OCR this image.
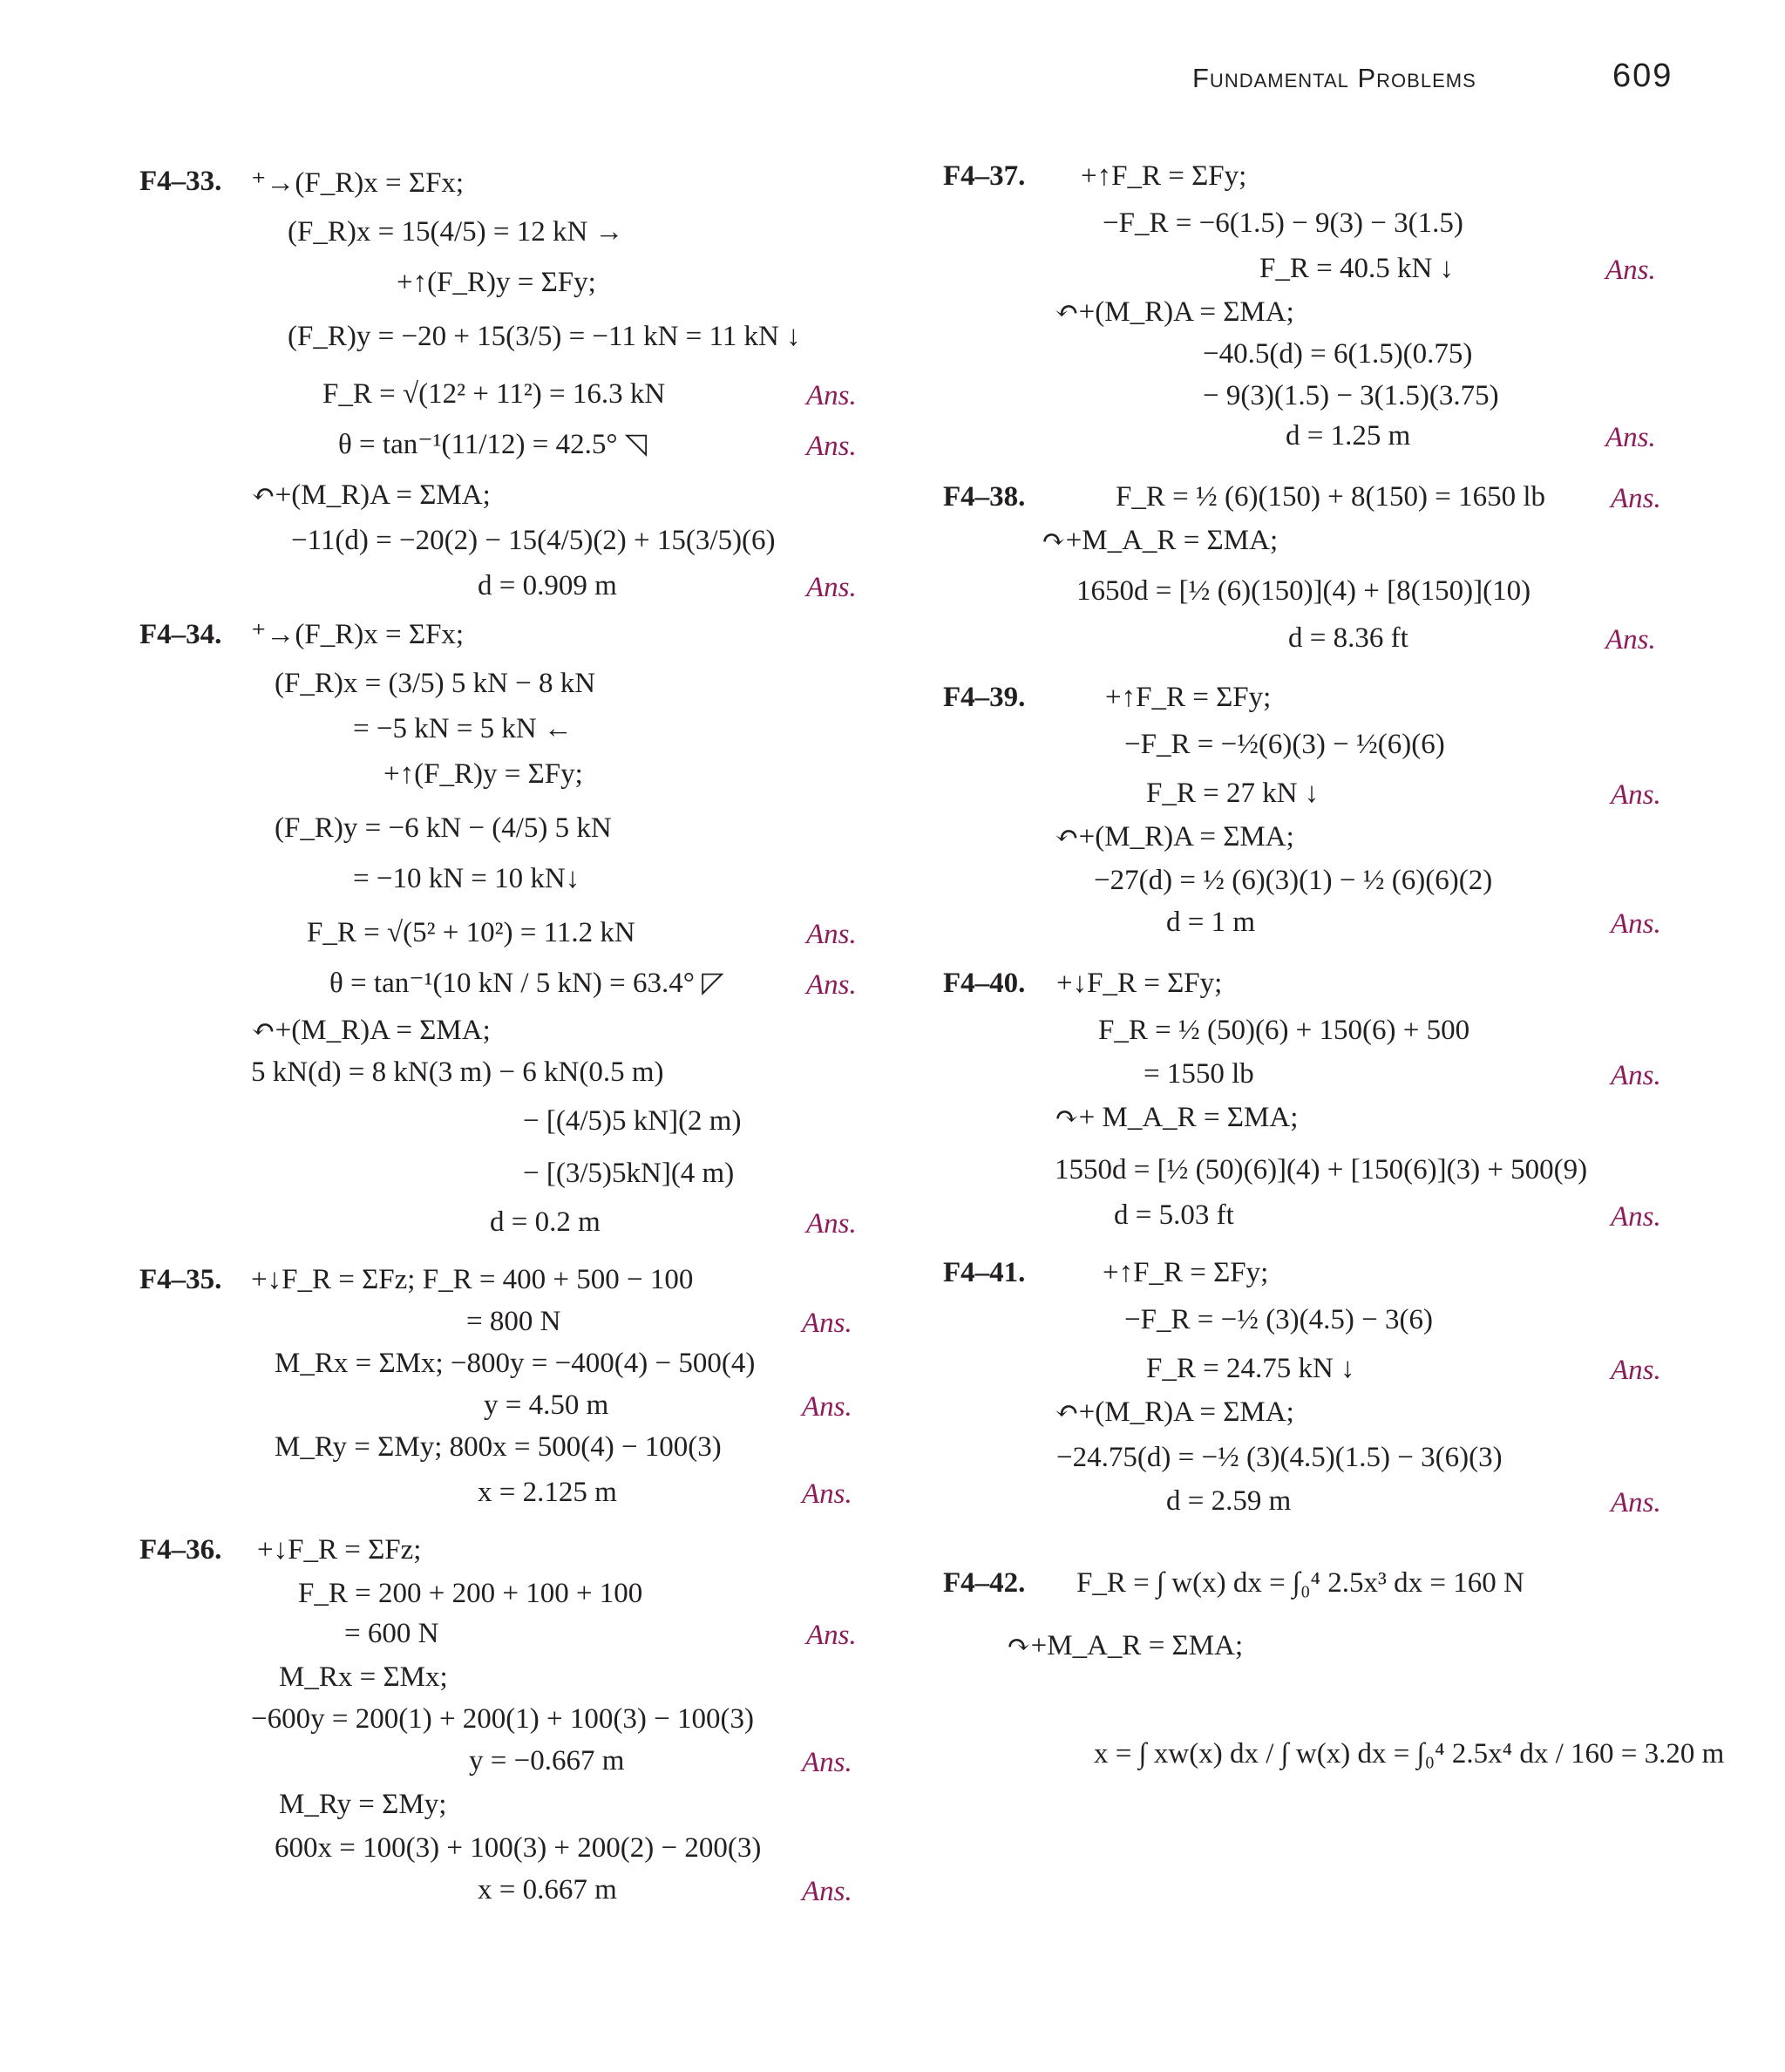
Fundamental Problems	609
F4–33. ⁺→(F_R)x = ΣFx;
(F_R)x = 15(4/5) = 12 kN →
+↑(F_R)y = ΣFy;
(F_R)y = −20 + 15(3/5) = −11 kN = 11 kN ↓
F_R = √(12² + 11²) = 16.3 kN	Ans.
θ = tan⁻¹(11/12) = 42.5° ◹	Ans.
↶+(M_R)A = ΣMA;
−11(d) = −20(2) − 15(4/5)(2) + 15(3/5)(6)
d = 0.909 m	Ans.
F4–34. ⁺→(F_R)x = ΣFx;
(F_R)x = (3/5) 5 kN − 8 kN
= −5 kN = 5 kN ←
+↑(F_R)y = ΣFy;
(F_R)y = −6 kN − (4/5) 5 kN
= −10 kN = 10 kN↓
F_R = √(5² + 10²) = 11.2 kN	Ans.
θ = tan⁻¹(10 kN / 5 kN) = 63.4° ◸	Ans.
↶+(M_R)A = ΣMA;
5 kN(d) = 8 kN(3 m) − 6 kN(0.5 m)
− [(4/5)5 kN](2 m)
− [(3/5)5kN](4 m)
d = 0.2 m	Ans.
F4–35. +↓F_R = ΣFz; F_R = 400 + 500 − 100
= 800 N	Ans.
M_Rx = ΣMx; −800y = −400(4) − 500(4)
y = 4.50 m	Ans.
M_Ry = ΣMy; 800x = 500(4) − 100(3)
x = 2.125 m	Ans.
F4–36. +↓F_R = ΣFz;
F_R = 200 + 200 + 100 + 100
= 600 N	Ans.
M_Rx = ΣMx;
−600y = 200(1) + 200(1) + 100(3) − 100(3)
y = −0.667 m	Ans.
M_Ry = ΣMy;
600x = 100(3) + 100(3) + 200(2) − 200(3)
x = 0.667 m	Ans.
F4–37. +↑F_R = ΣFy;
−F_R = −6(1.5) − 9(3) − 3(1.5)
F_R = 40.5 kN ↓	Ans.
↶+(M_R)A = ΣMA;
−40.5(d) = 6(1.5)(0.75)
− 9(3)(1.5) − 3(1.5)(3.75)
d = 1.25 m	Ans.
F4–38.	F_R = ½ (6)(150) + 8(150) = 1650 lb Ans.
↷+M_A_R = ΣMA;
1650d = [½ (6)(150)](4) + [8(150)](10)
d = 8.36 ft	Ans.
F4–39.	+↑F_R = ΣFy;
−F_R = −½(6)(3) − ½(6)(6)
F_R = 27 kN ↓	Ans.
↶+(M_R)A = ΣMA;
−27(d) = ½ (6)(3)(1) − ½ (6)(6)(2)
d = 1 m	Ans.
F4–40. +↓F_R = ΣFy;
F_R = ½ (50)(6) + 150(6) + 500
= 1550 lb	Ans.
↷+ M_A_R = ΣMA;
1550d = [½ (50)(6)](4) + [150(6)](3) + 500(9)
d = 5.03 ft	Ans.
F4–41.	+↑F_R = ΣFy;
−F_R = −½ (3)(4.5) − 3(6)
F_R = 24.75 kN ↓	Ans.
↶+(M_R)A = ΣMA;
−24.75(d) = −½ (3)(4.5)(1.5) − 3(6)(3)
d = 2.59 m	Ans.
F4–42. F_R = ∫ w(x) dx = ∫₀⁴ 2.5x³ dx = 160 N
↷+M_A_R = ΣMA;
x = ∫ xw(x) dx / ∫ w(x) dx = ∫₀⁴ 2.5x⁴ dx / 160 = 3.20 m
